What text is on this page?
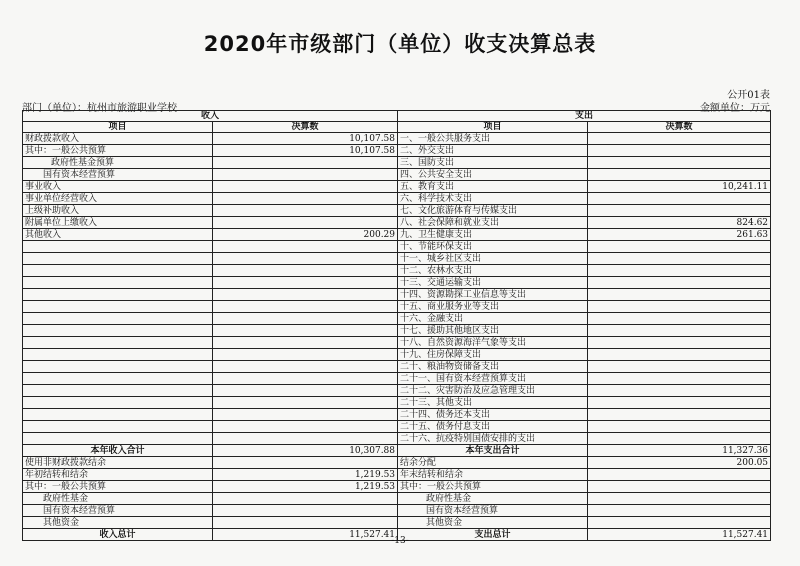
2020年市级部门（单位）收支决算总表
公开01表
部门（单位）：杭州市旅游职业学校	金额单位：万元
收入		支出	
项目	决算数	项目	决算数
财政拨款收入	10,107.58	一、一般公共服务支出	
其中：一般公共预算	10,107.58	二、外交支出	
政府性基金预算		三、国防支出	
国有资本经营预算		四、公共安全支出	
事业收入		五、教育支出	10,241.11
事业单位经营收入		六、科学技术支出	
上级补助收入		七、文化旅游体育与传媒支出	
附属单位上缴收入		八、社会保障和就业支出	824.62
其他收入	200.29	九、卫生健康支出	261.63
		十、节能环保支出	
		十一、城乡社区支出	
		十二、农林水支出	
		十三、交通运输支出	
		十四、资源勘探工业信息等支出	
		十五、商业服务业等支出	
		十六、金融支出	
		十七、援助其他地区支出	
		十八、自然资源海洋气象等支出	
		十九、住房保障支出	
		二十、粮油物资储备支出	
		二十一、国有资本经营预算支出	
		二十二、灾害防治及应急管理支出	
		二十三、其他支出	
		二十四、债务还本支出	
		二十五、债务付息支出	
		二十六、抗疫特别国债安排的支出	
本年收入合计	10,307.88	本年支出合计	11,327.36
使用非财政拨款结余		结余分配	200.05
年初结转和结余	1,219.53	年末结转和结余	
其中：一般公共预算	1,219.53	其中：一般公共预算	
政府性基金		政府性基金	
国有资本经营预算		国有资本经营预算	
其他资金		其他资金	
收入总计	11,527.41	支出总计	11,527.41
-13-
